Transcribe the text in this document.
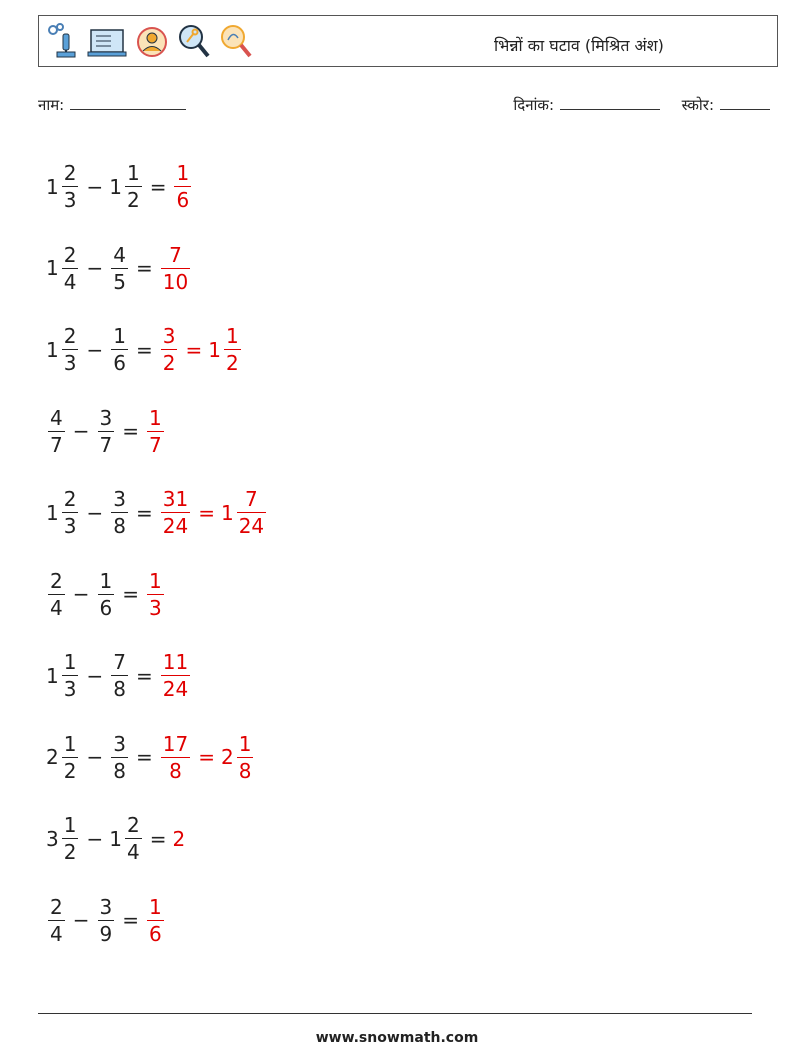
भिन्नों का घटाव (मिश्रित अंश)
नाम:	दिनांक:	स्कोर:
$1 \frac{2}{3} - 1 \frac{1}{2} = \frac{1}{6}$
$1 \frac{2}{4} - \frac{4}{5} = \frac{7}{10}$
$1 \frac{2}{3} - \frac{1}{6} = \frac{3}{2} = 1 \frac{1}{2}$
$\frac{4}{7} - \frac{3}{7} = \frac{1}{7}$
$1 \frac{2}{3} - \frac{3}{8} = \frac{31}{24} = 1 \frac{7}{24}$
$\frac{2}{4} - \frac{1}{6} = \frac{1}{3}$
$1 \frac{1}{3} - \frac{7}{8} = \frac{11}{24}$
$2 \frac{1}{2} - \frac{3}{8} = \frac{17}{8} = 2 \frac{1}{8}$
$3 \frac{1}{2} - 1 \frac{2}{4} = 2$
$\frac{2}{4} - \frac{3}{9} = \frac{1}{6}$
www.snowmath.com
